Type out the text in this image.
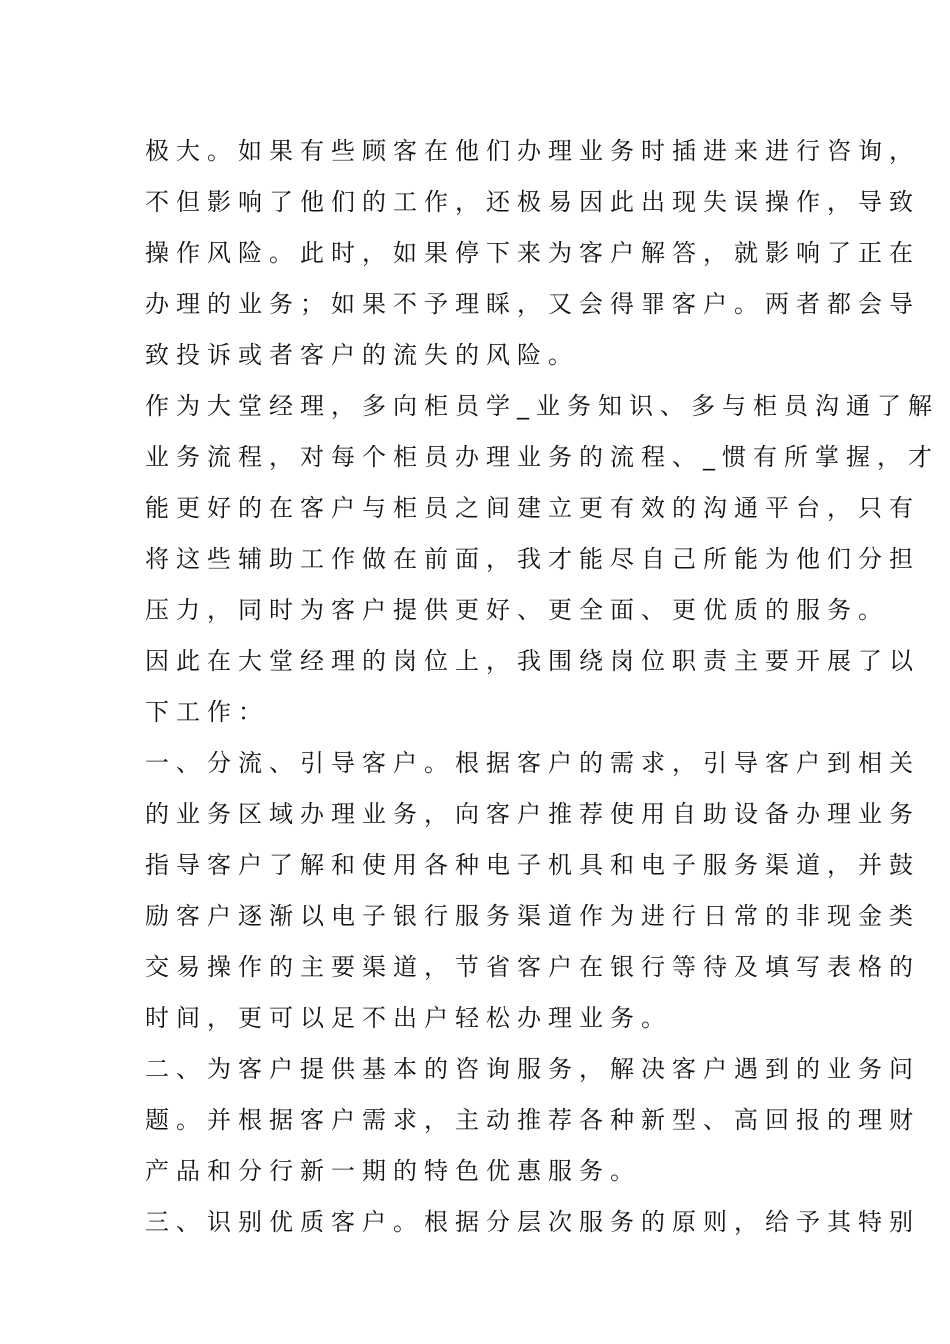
极大。如果有些顾客在他们办理业务时插进来进行咨询，
不但影响了他们的工作，还极易因此出现失误操作，导致
操作风险。此时，如果停下来为客户解答，就影响了正在
办理的业务；如果不予理睬，又会得罪客户。两者都会导
致投诉或者客户的流失的风险。
作为大堂经理，多向柜员学_业务知识、多与柜员沟通了解
业务流程，对每个柜员办理业务的流程、_惯有所掌握，才
能更好的在客户与柜员之间建立更有效的沟通平台，只有
将这些辅助工作做在前面，我才能尽自己所能为他们分担
压力，同时为客户提供更好、更全面、更优质的服务。
因此在大堂经理的岗位上，我围绕岗位职责主要开展了以
下工作：
一、分流、引导客户。根据客户的需求，引导客户到相关
的业务区域办理业务，向客户推荐使用自助设备办理业务
指导客户了解和使用各种电子机具和电子服务渠道，并鼓
励客户逐渐以电子银行服务渠道作为进行日常的非现金类
交易操作的主要渠道，节省客户在银行等待及填写表格的
时间，更可以足不出户轻松办理业务。
二、为客户提供基本的咨询服务，解决客户遇到的业务问
题。并根据客户需求，主动推荐各种新型、高回报的理财
产品和分行新一期的特色优惠服务。
三、识别优质客户。根据分层次服务的原则，给予其特别
